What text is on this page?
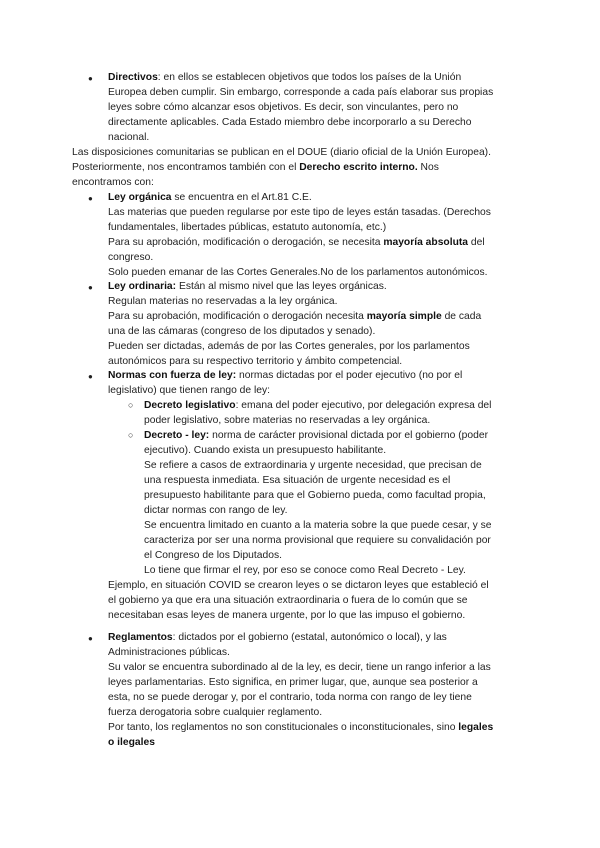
● Directivos: en ellos se establecen objetivos que todos los países de la Unión
Europea deben cumplir. Sin embargo, corresponde a cada país elaborar sus propias
leyes sobre cómo alcanzar esos objetivos. Es decir, son vinculantes, pero no
directamente aplicables. Cada Estado miembro debe incorporarlo a su Derecho
nacional.
Las disposiciones comunitarias se publican en el DOUE (diario oficial de la Unión Europea).
Posteriormente, nos encontramos también con el Derecho escrito interno. Nos
encontramos con:
● Ley orgánica se encuentra en el Art.81 C.E.
Las materias que pueden regularse por este tipo de leyes están tasadas. (Derechos
fundamentales, libertades públicas, estatuto autonomía, etc.)
Para su aprobación, modificación o derogación, se necesita mayoría absoluta del
congreso.
Solo pueden emanar de las Cortes Generales.No de los parlamentos autonómicos.
● Ley ordinaria: Están al mismo nivel que las leyes orgánicas.
Regulan materias no reservadas a la ley orgánica.
Para su aprobación, modificación o derogación necesita mayoría simple de cada
una de las cámaras (congreso de los diputados y senado).
Pueden ser dictadas, además de por las Cortes generales, por los parlamentos
autonómicos para su respectivo territorio y ámbito competencial.
● Normas con fuerza de ley: normas dictadas por el poder ejecutivo (no por el
legislativo) que tienen rango de ley:
○ Decreto legislativo: emana del poder ejecutivo, por delegación expresa del
poder legislativo, sobre materias no reservadas a ley orgánica.
○ Decreto - ley: norma de carácter provisional dictada por el gobierno (poder
ejecutivo). Cuando exista un presupuesto habilitante.
Se refiere a casos de extraordinaria y urgente necesidad, que precisan de
una respuesta inmediata. Esa situación de urgente necesidad es el
presupuesto habilitante para que el Gobierno pueda, como facultad propia,
dictar normas con rango de ley.
Se encuentra limitado en cuanto a la materia sobre la que puede cesar, y se
caracteriza por ser una norma provisional que requiere su convalidación por
el Congreso de los Diputados.
Lo tiene que firmar el rey, por eso se conoce como Real Decreto - Ley.
Ejemplo, en situación COVID se crearon leyes o se dictaron leyes que estableció el
el gobierno ya que era una situación extraordinaria o fuera de lo común que se
necesitaban esas leyes de manera urgente, por lo que las impuso el gobierno.
● Reglamentos: dictados por el gobierno (estatal, autonómico o local), y las
Administraciones públicas.
Su valor se encuentra subordinado al de la ley, es decir, tiene un rango inferior a las
leyes parlamentarias. Esto significa, en primer lugar, que, aunque sea posterior a
esta, no se puede derogar y, por el contrario, toda norma con rango de ley tiene
fuerza derogatoria sobre cualquier reglamento.
Por tanto, los reglamentos no son constitucionales o inconstitucionales, sino legales
o ilegales
